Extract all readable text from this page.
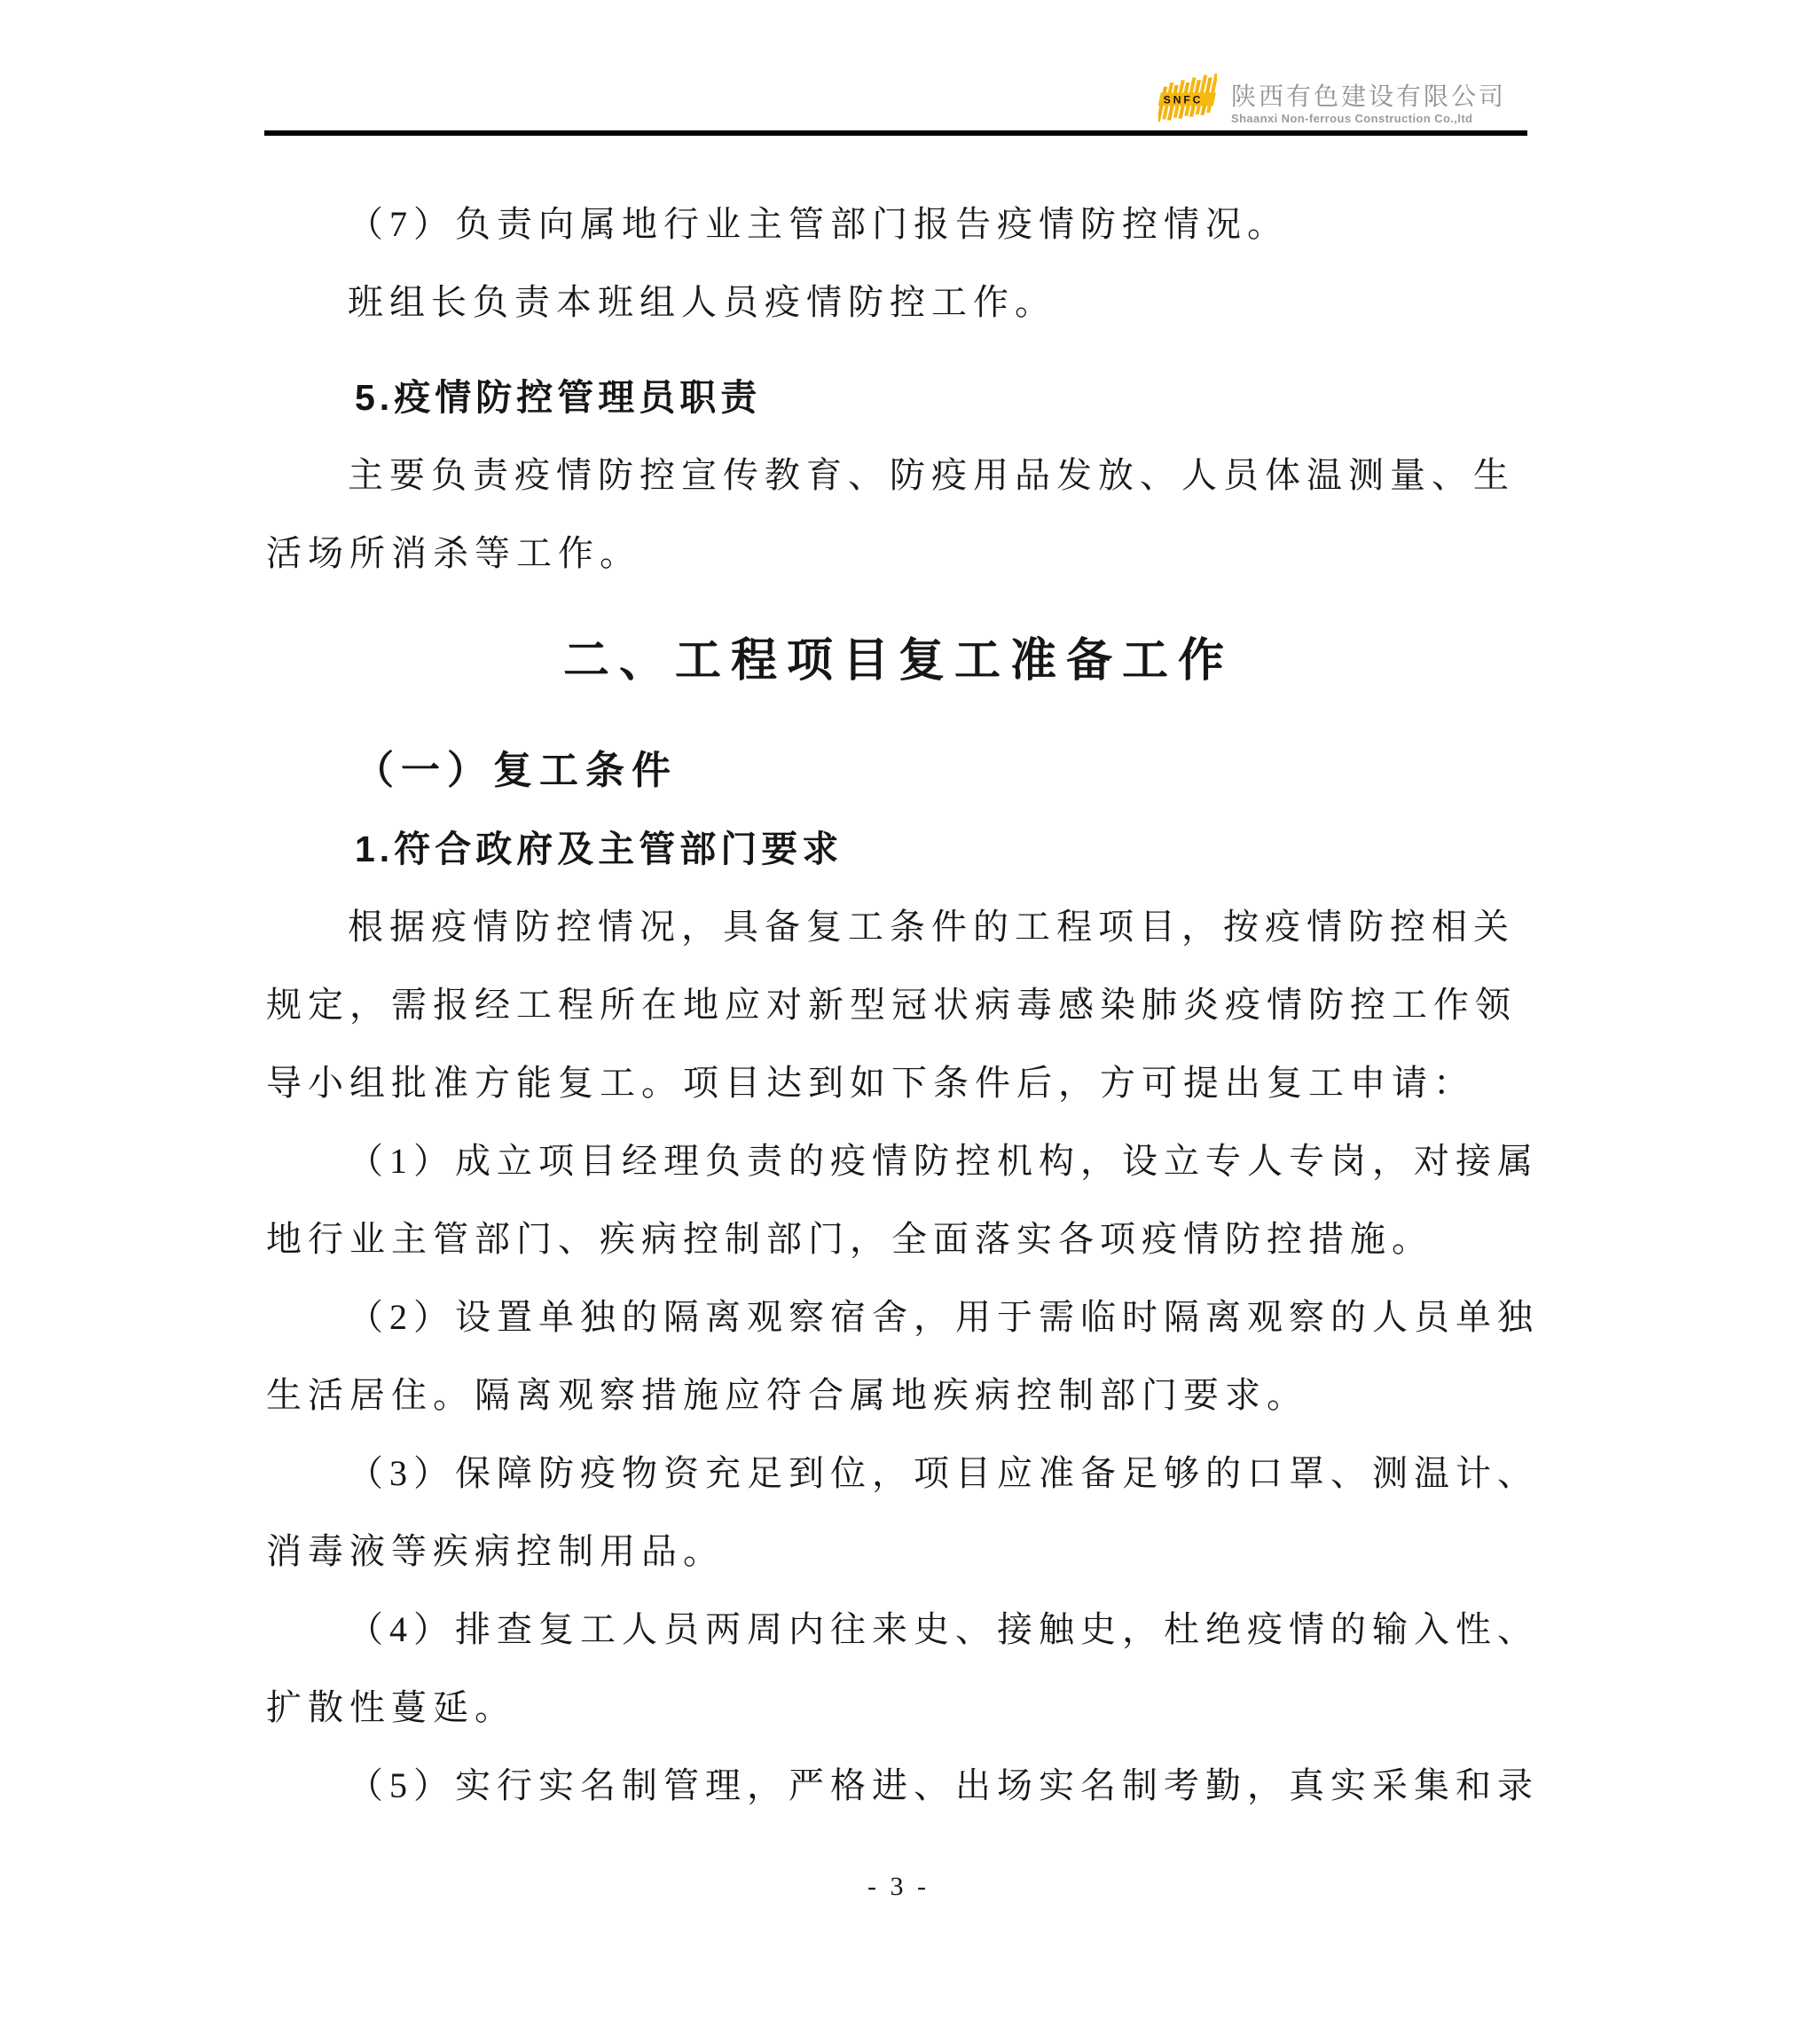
SNFC 陕西有色建设有限公司
Shaanxi Non-ferrous Construction Co.,ltd

（7）负责向属地行业主管部门报告疫情防控情况。

班组长负责本班组人员疫情防控工作。

5.疫情防控管理员职责

主要负责疫情防控宣传教育、防疫用品发放、人员体温测量、生

活场所消杀等工作。

二、工程项目复工准备工作

（一）复工条件

1.符合政府及主管部门要求

根据疫情防控情况，具备复工条件的工程项目，按疫情防控相关

规定，需报经工程所在地应对新型冠状病毒感染肺炎疫情防控工作领

导小组批准方能复工。项目达到如下条件后，方可提出复工申请：

（1）成立项目经理负责的疫情防控机构，设立专人专岗，对接属

地行业主管部门、疾病控制部门，全面落实各项疫情防控措施。

（2）设置单独的隔离观察宿舍，用于需临时隔离观察的人员单独

生活居住。隔离观察措施应符合属地疾病控制部门要求。

（3）保障防疫物资充足到位，项目应准备足够的口罩、测温计、

消毒液等疾病控制用品。

（4）排查复工人员两周内往来史、接触史，杜绝疫情的输入性、

扩散性蔓延。

（5）实行实名制管理，严格进、出场实名制考勤，真实采集和录

- 3 -
